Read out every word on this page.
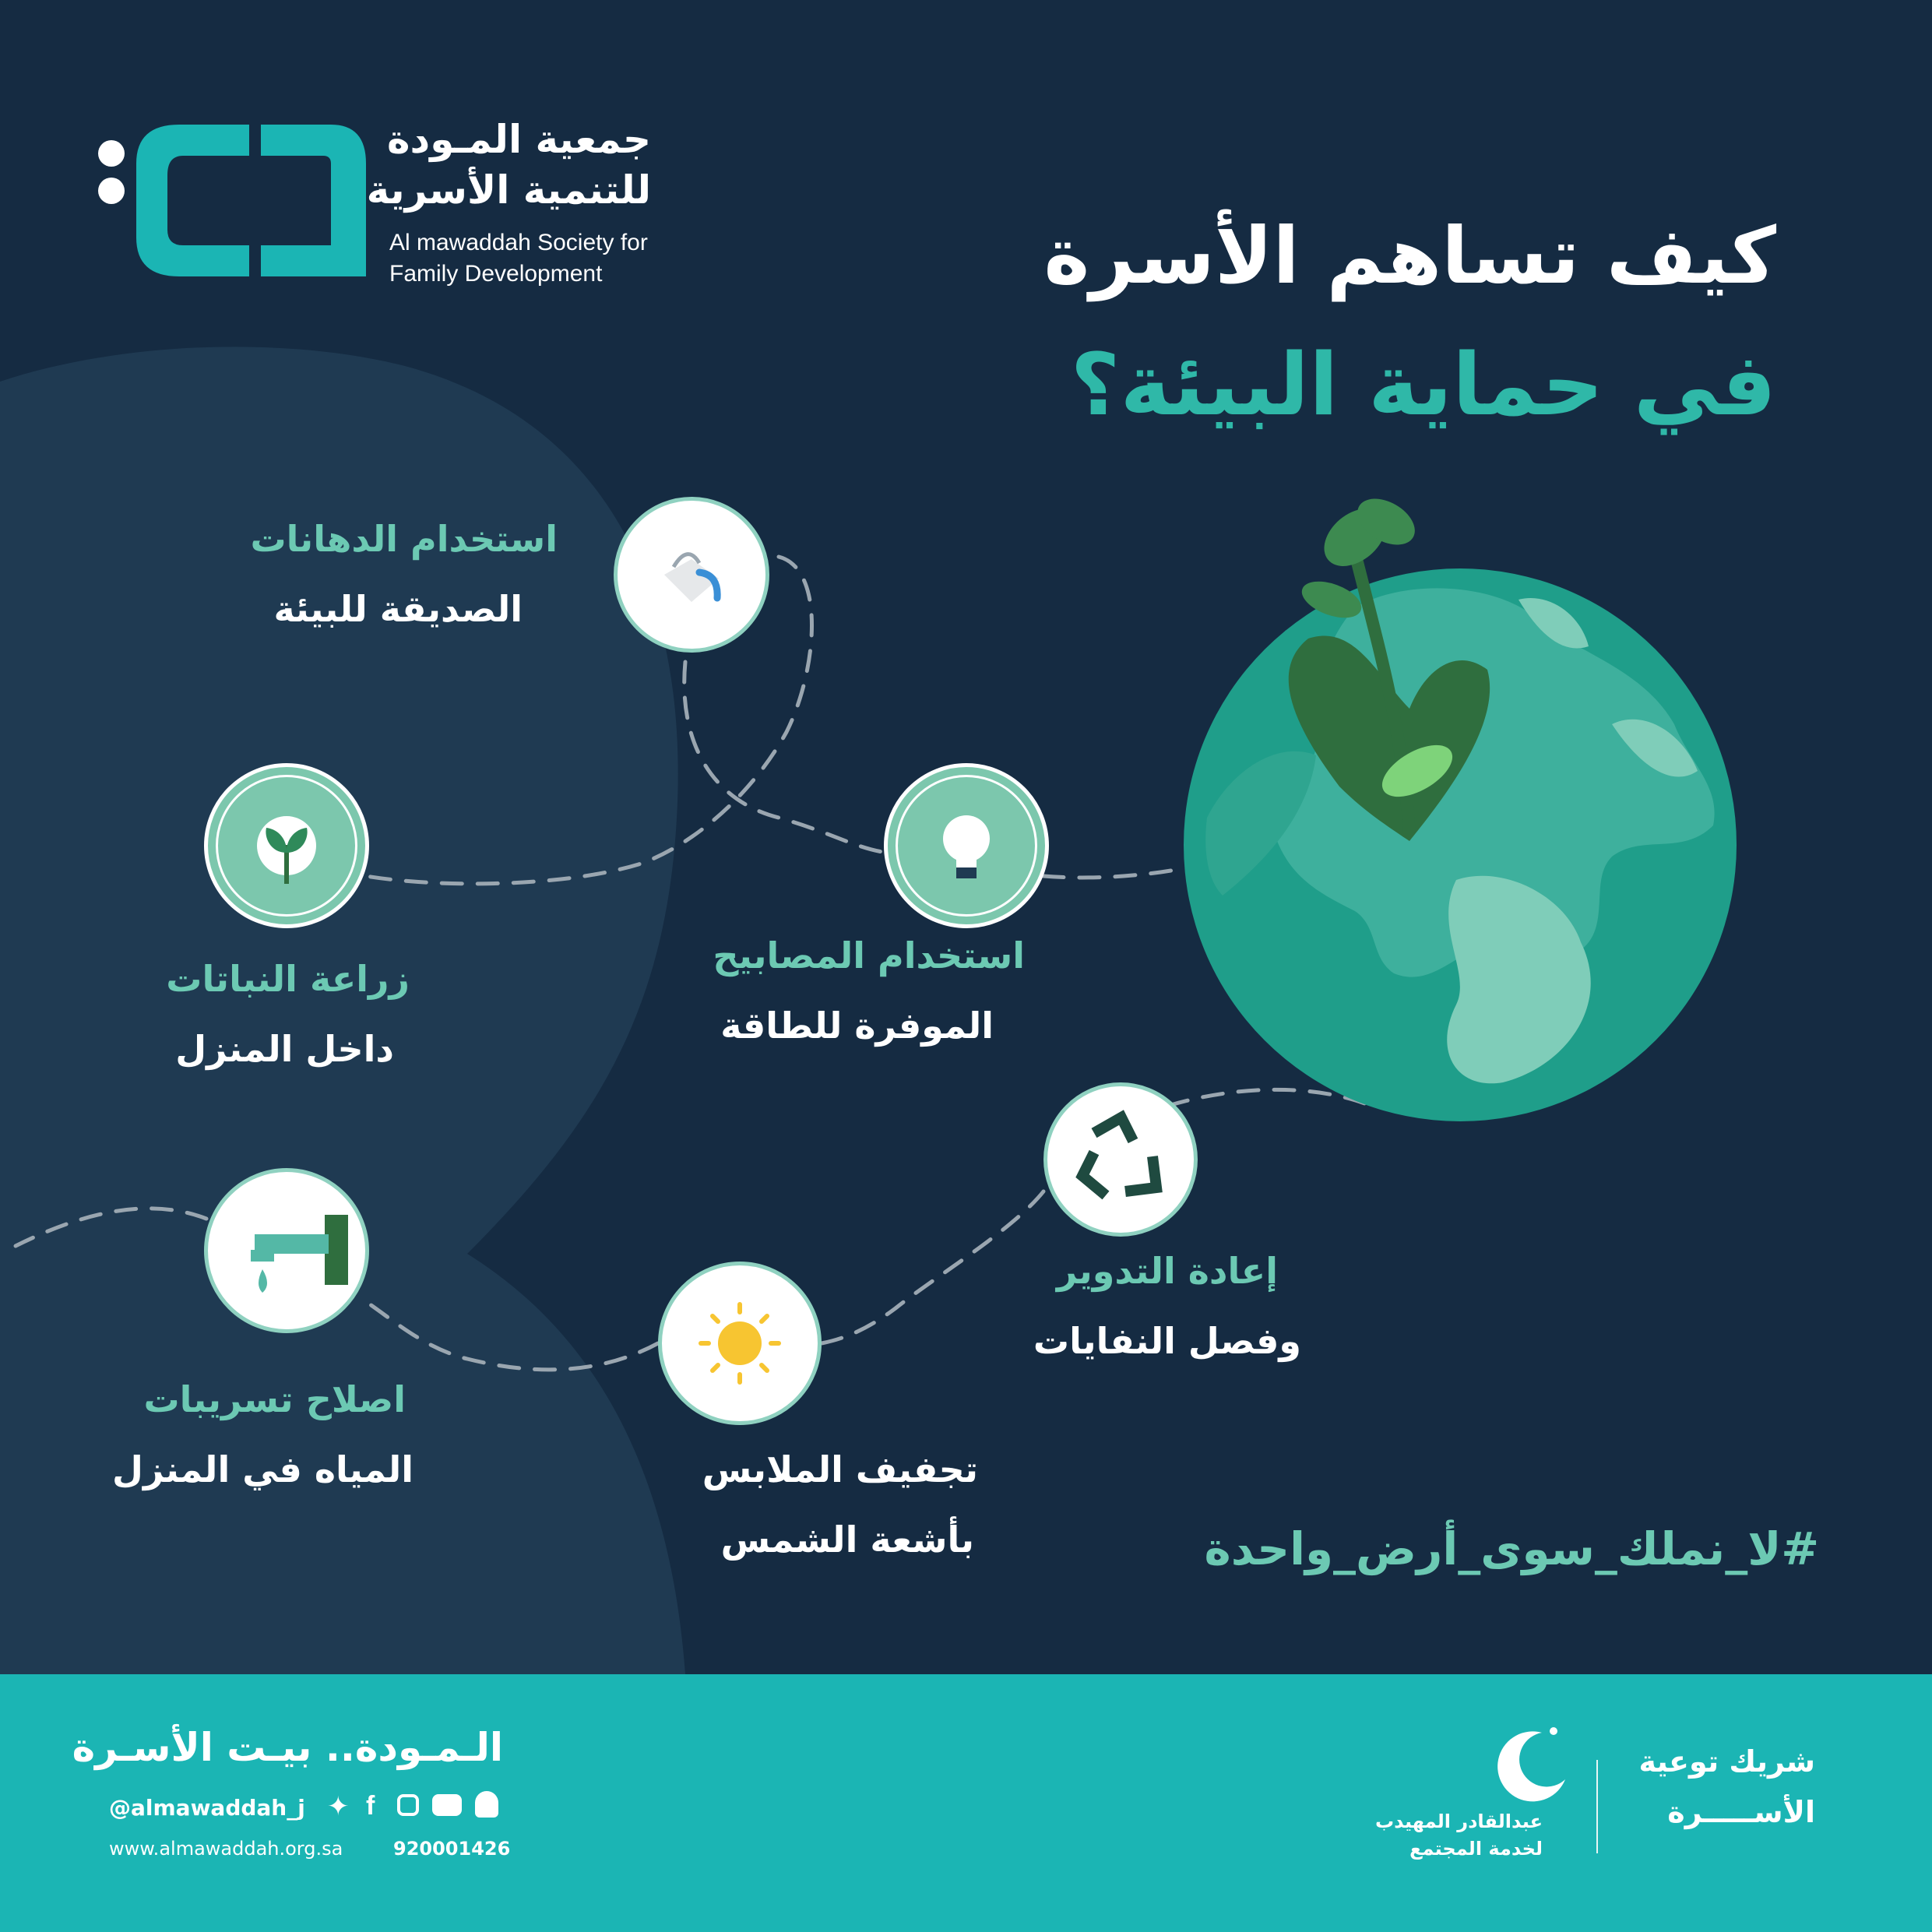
جمعية المـودة
للتنمية الأسرية
Al mawaddah Society for
Family Development	كيف تساهم الأسرة
في حماية البيئة؟
استخدام الدهانات
الصديقة للبيئة
زراعة النباتات
داخل المنزل
استخدام المصابيح
الموفرة للطاقة
إعادة التدوير
وفصل النفايات
اصلاح تسريبات
المياه في المنزل	تجفيف الملابس
بأشعة الشمس	#لا_نملك_سوى_أرض_واحدة
الـمـودة.. بيـت الأسـرة
@almawaddah_j ✦ f
www.almawaddah.org.sa	920001426
شريك توعية
الأســـــرة
عبدالقادر المهيدب
لخدمة المجتمع
